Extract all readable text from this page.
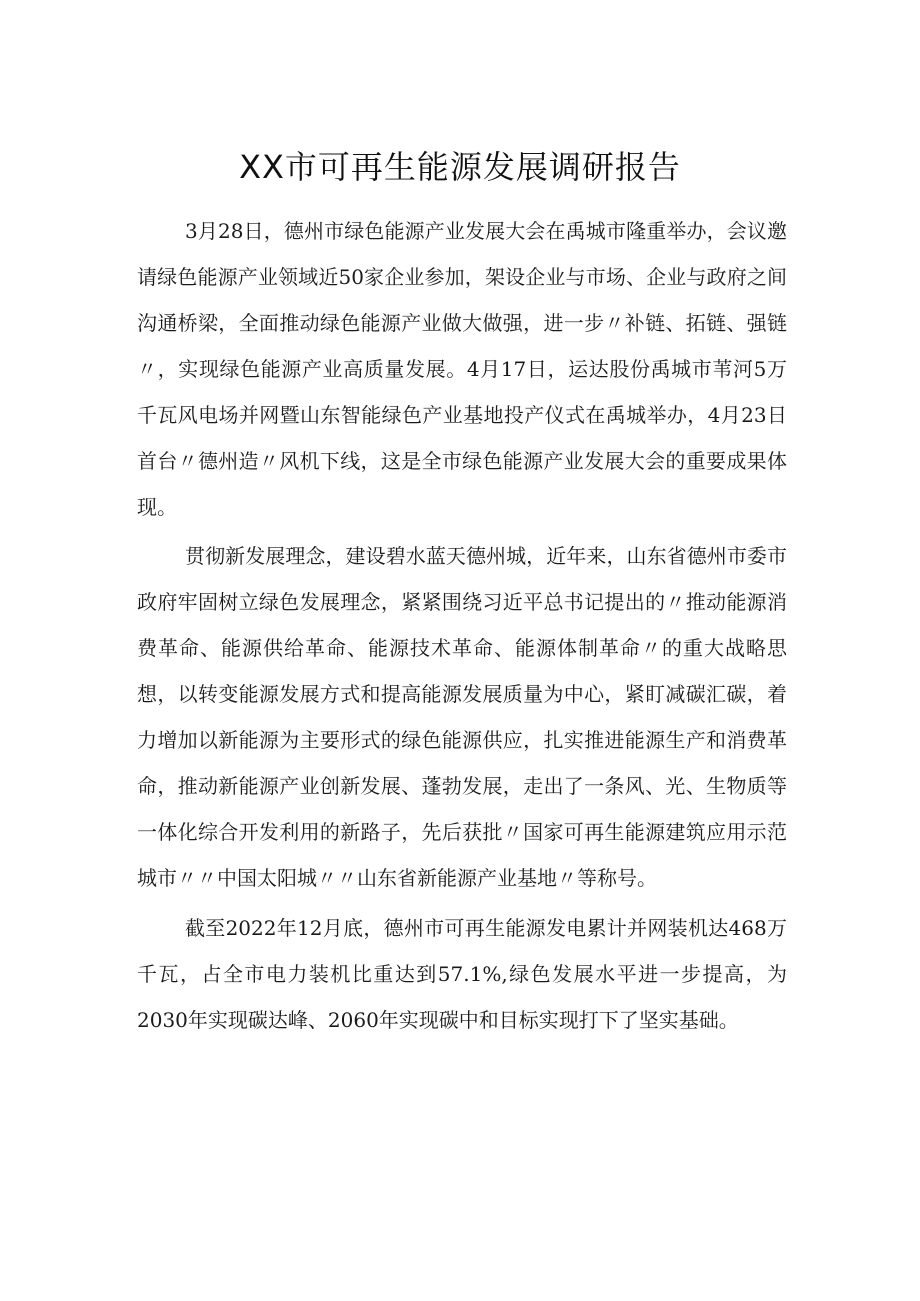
XX市可再生能源发展调研报告

3月28日，德州市绿色能源产业发展大会在禹城市隆重举办，会议邀请绿色能源产业领域近50家企业参加，架设企业与市场、企业与政府之间沟通桥梁，全面推动绿色能源产业做大做强，进一步〃补链、拓链、强链〃，实现绿色能源产业高质量发展。4月17日，运达股份禹城市苇河5万千瓦风电场并网暨山东智能绿色产业基地投产仪式在禹城举办，4月23日首台〃德州造〃风机下线，这是全市绿色能源产业发展大会的重要成果体现。

贯彻新发展理念，建设碧水蓝天德州城，近年来，山东省德州市委市政府牢固树立绿色发展理念，紧紧围绕习近平总书记提出的〃推动能源消费革命、能源供给革命、能源技术革命、能源体制革命〃的重大战略思想，以转变能源发展方式和提高能源发展质量为中心，紧盯减碳汇碳，着力增加以新能源为主要形式的绿色能源供应，扎实推进能源生产和消费革命，推动新能源产业创新发展、蓬勃发展，走出了一条风、光、生物质等一体化综合开发利用的新路子，先后获批〃国家可再生能源建筑应用示范城市〃〃中国太阳城〃〃山东省新能源产业基地〃等称号。

截至2022年12月底，德州市可再生能源发电累计并网装机达468万千瓦，占全市电力装机比重达到57.1%,绿色发展水平进一步提高，为2030年实现碳达峰、2060年实现碳中和目标实现打下了坚实基础。
